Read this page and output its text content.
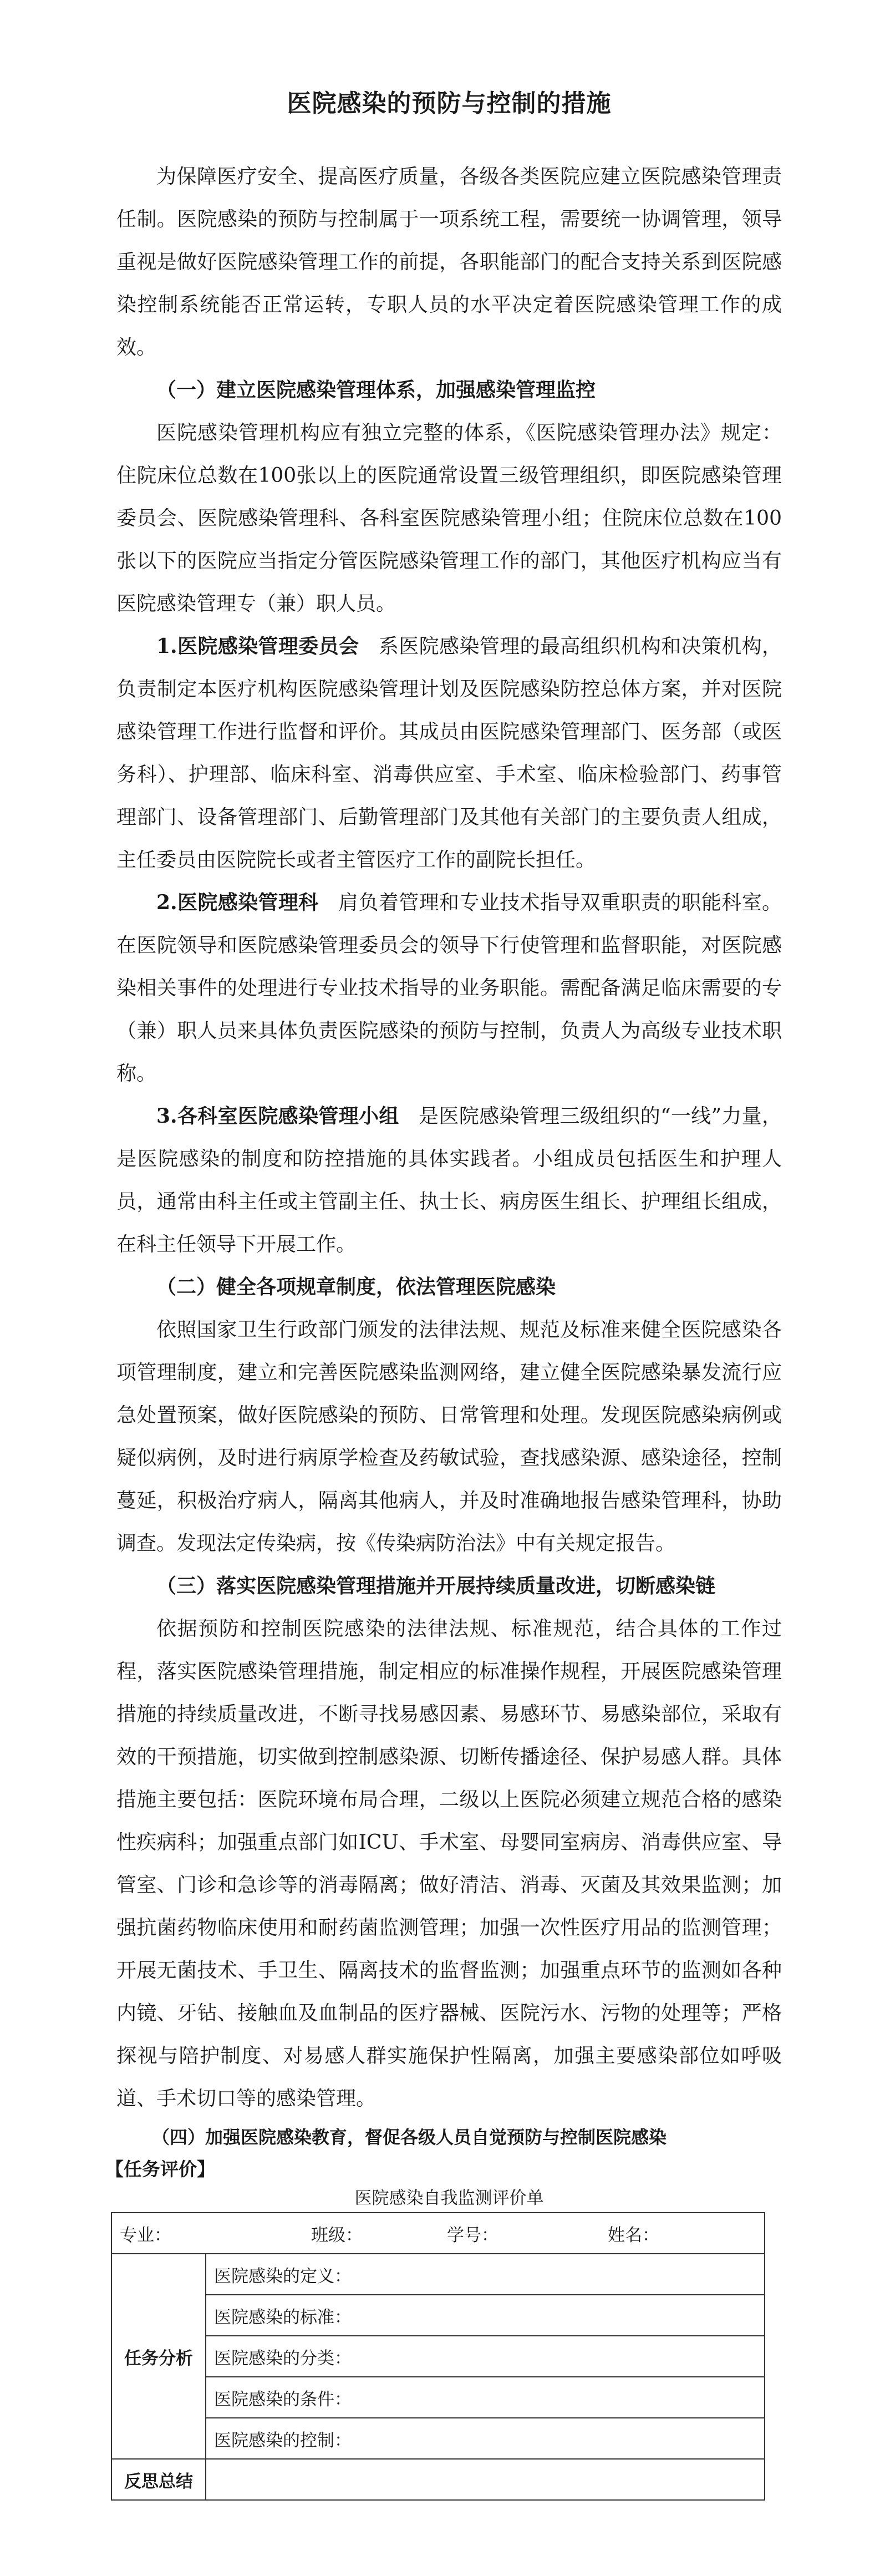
医院感染的预防与控制的措施

为保障医疗安全、提高医疗质量，各级各类医院应建立医院感染管理责任制。医院感染的预防与控制属于一项系统工程，需要统一协调管理，领导重视是做好医院感染管理工作的前提，各职能部门的配合支持关系到医院感染控制系统能否正常运转，专职人员的水平决定着医院感染管理工作的成效。

（一）建立医院感染管理体系，加强感染管理监控

医院感染管理机构应有独立完整的体系，《医院感染管理办法》规定：住院床位总数在100张以上的医院通常设置三级管理组织，即医院感染管理委员会、医院感染管理科、各科室医院感染管理小组；住院床位总数在100张以下的医院应当指定分管医院感染管理工作的部门，其他医疗机构应当有医院感染管理专（兼）职人员。

1.医院感染管理委员会 系医院感染管理的最高组织机构和决策机构，负责制定本医疗机构医院感染管理计划及医院感染防控总体方案，并对医院感染管理工作进行监督和评价。其成员由医院感染管理部门、医务部（或医务科）、护理部、临床科室、消毒供应室、手术室、临床检验部门、药事管理部门、设备管理部门、后勤管理部门及其他有关部门的主要负责人组成，主任委员由医院院长或者主管医疗工作的副院长担任。

2.医院感染管理科 肩负着管理和专业技术指导双重职责的职能科室。在医院领导和医院感染管理委员会的领导下行使管理和监督职能，对医院感染相关事件的处理进行专业技术指导的业务职能。需配备满足临床需要的专（兼）职人员来具体负责医院感染的预防与控制，负责人为高级专业技术职称。

3.各科室医院感染管理小组 是医院感染管理三级组织的“一线”力量，是医院感染的制度和防控措施的具体实践者。小组成员包括医生和护理人员，通常由科主任或主管副主任、执士长、病房医生组长、护理组长组成，在科主任领导下开展工作。

（二）健全各项规章制度，依法管理医院感染

依照国家卫生行政部门颁发的法律法规、规范及标准来健全医院感染各项管理制度，建立和完善医院感染监测网络，建立健全医院感染暴发流行应急处置预案，做好医院感染的预防、日常管理和处理。发现医院感染病例或疑似病例，及时进行病原学检查及药敏试验，查找感染源、感染途径，控制蔓延，积极治疗病人，隔离其他病人，并及时准确地报告感染管理科，协助调查。发现法定传染病，按《传染病防治法》中有关规定报告。

（三）落实医院感染管理措施并开展持续质量改进，切断感染链

依据预防和控制医院感染的法律法规、标准规范，结合具体的工作过程，落实医院感染管理措施，制定相应的标准操作规程，开展医院感染管理措施的持续质量改进，不断寻找易感因素、易感环节、易感染部位，采取有效的干预措施，切实做到控制感染源、切断传播途径、保护易感人群。具体措施主要包括：医院环境布局合理，二级以上医院必须建立规范合格的感染性疾病科；加强重点部门如ICU、手术室、母婴同室病房、消毒供应室、导管室、门诊和急诊等的消毒隔离；做好清洁、消毒、灭菌及其效果监测；加强抗菌药物临床使用和耐药菌监测管理；加强一次性医疗用品的监测管理；开展无菌技术、手卫生、隔离技术的监督监测；加强重点环节的监测如各种内镜、牙钻、接触血及血制品的医疗器械、医院污水、污物的处理等；严格探视与陪护制度、对易感人群实施保护性隔离，加强主要感染部位如呼吸道、手术切口等的感染管理。

（四）加强医院感染教育，督促各级人员自觉预防与控制医院感染

【任务评价】

医院感染自我监测评价单

专业： 班级： 学号： 姓名：	

任务分析	医院感染的定义：
	医院感染的标准：
	医院感染的分类：
	医院感染的条件：
	医院感染的控制：
反思总结	
